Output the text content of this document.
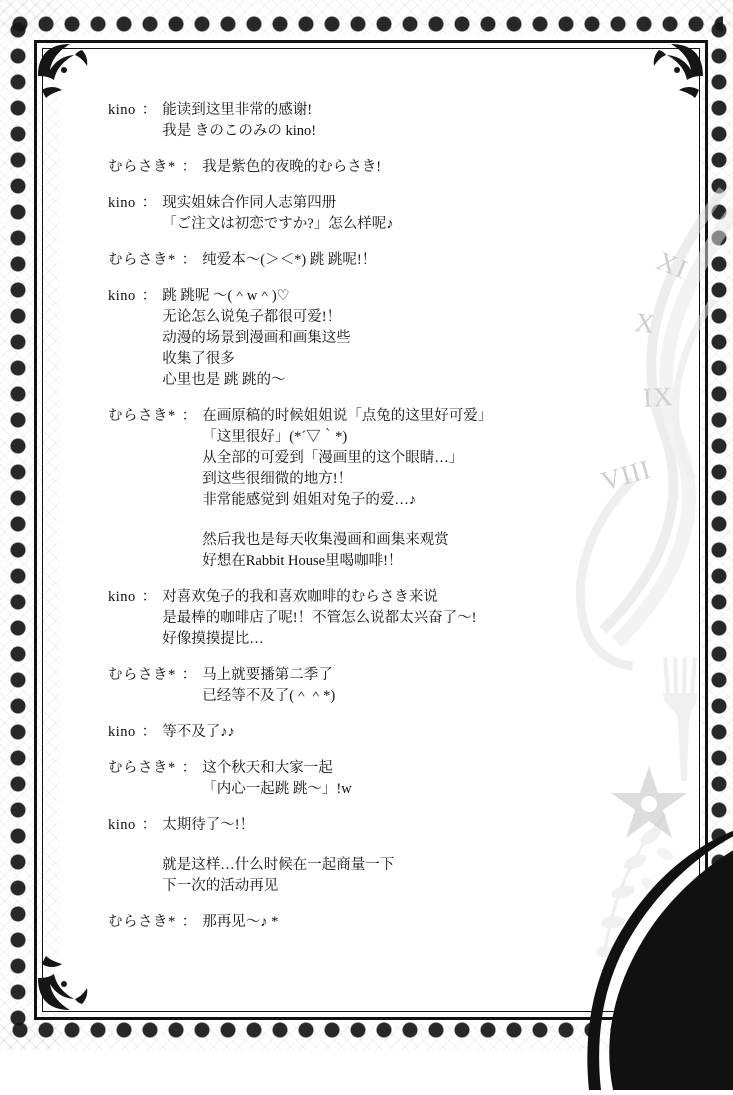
XI
X
IX
VIII
kino ： 能读到这里非常的感谢!
我是 きのこのみの kino!
むらさき* ： 我是紫色的夜晚的むらさき!
kino ： 现实姐妹合作同人志第四册
「ご注文は初恋ですか?」怎么样呢♪
むらさき* ： 纯爱本～(＞＜*) 跳 跳呢!！
kino ： 跳 跳呢 ～(＾w＾)♡
无论怎么说兔子都很可爱!！
动漫的场景到漫画和画集这些
收集了很多
心里也是 跳 跳的～
むらさき* ： 在画原稿的时候姐姐说「点兔的这里好可爱」
「这里很好」(*´▽｀*)
从全部的可爱到「漫画里的这个眼睛…」
到这些很细微的地方!！
非常能感觉到 姐姐对兔子的爱…♪
然后我也是每天收集漫画和画集来观赏
好想在Rabbit House里喝咖啡!！
kino ： 对喜欢兔子的我和喜欢咖啡的むらさき来说
是最棒的咖啡店了呢!！不管怎么说都太兴奋了～!
好像摸摸提比…
むらさき* ： 马上就要播第二季了
已经等不及了(＾＾*)
kino ： 等不及了♪♪
むらさき* ： 这个秋天和大家一起
「内心一起跳 跳～」!w
kino ： 太期待了～!！
就是这样…什么时候在一起商量一下
下一次的活动再见
むらさき* ： 那再见～♪ *
